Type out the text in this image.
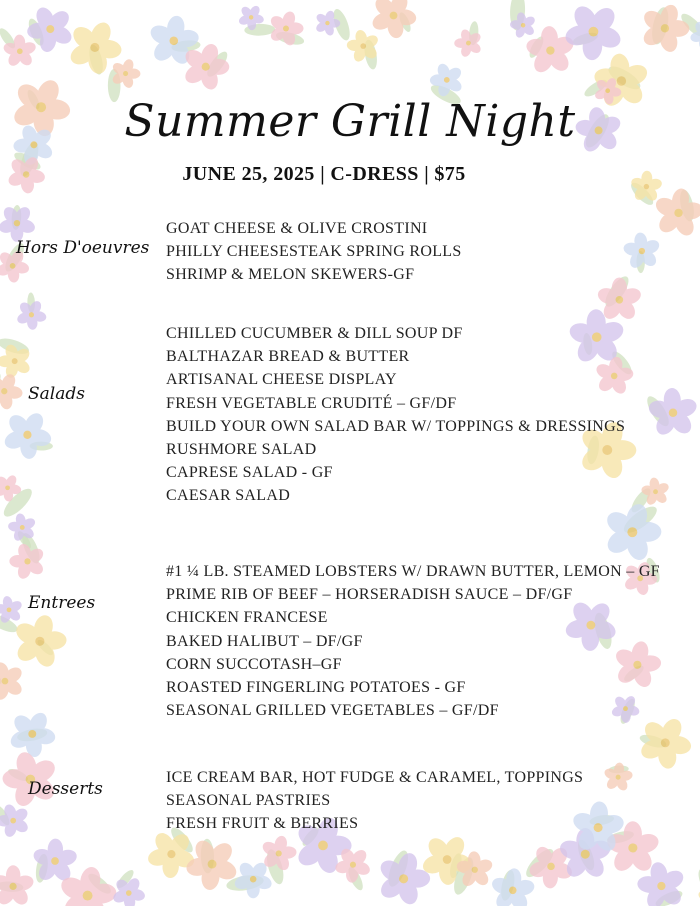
Summer Grill Night
JUNE 25, 2025 | C-DRESS | $75
Hors D'oeuvres
GOAT CHEESE & OLIVE CROSTINI
PHILLY CHEESESTEAK SPRING ROLLS
SHRIMP & MELON SKEWERS-GF
Salads
CHILLED CUCUMBER & DILL SOUP DF
BALTHAZAR BREAD & BUTTER
ARTISANAL CHEESE DISPLAY
FRESH VEGETABLE CRUDITÉ – GF/DF
BUILD YOUR OWN SALAD BAR W/ TOPPINGS & DRESSINGS
RUSHMORE SALAD
CAPRESE SALAD - GF
CAESAR SALAD
Entrees
#1 ¼ LB. STEAMED LOBSTERS W/ DRAWN BUTTER, LEMON – GF
PRIME RIB OF BEEF – HORSERADISH SAUCE – DF/GF
CHICKEN FRANCESE
BAKED HALIBUT – DF/GF
CORN SUCCOTASH–GF
ROASTED FINGERLING POTATOES - GF
SEASONAL GRILLED VEGETABLES – GF/DF
Desserts
ICE CREAM BAR, HOT FUDGE & CARAMEL, TOPPINGS
SEASONAL PASTRIES
FRESH FRUIT & BERRIES
